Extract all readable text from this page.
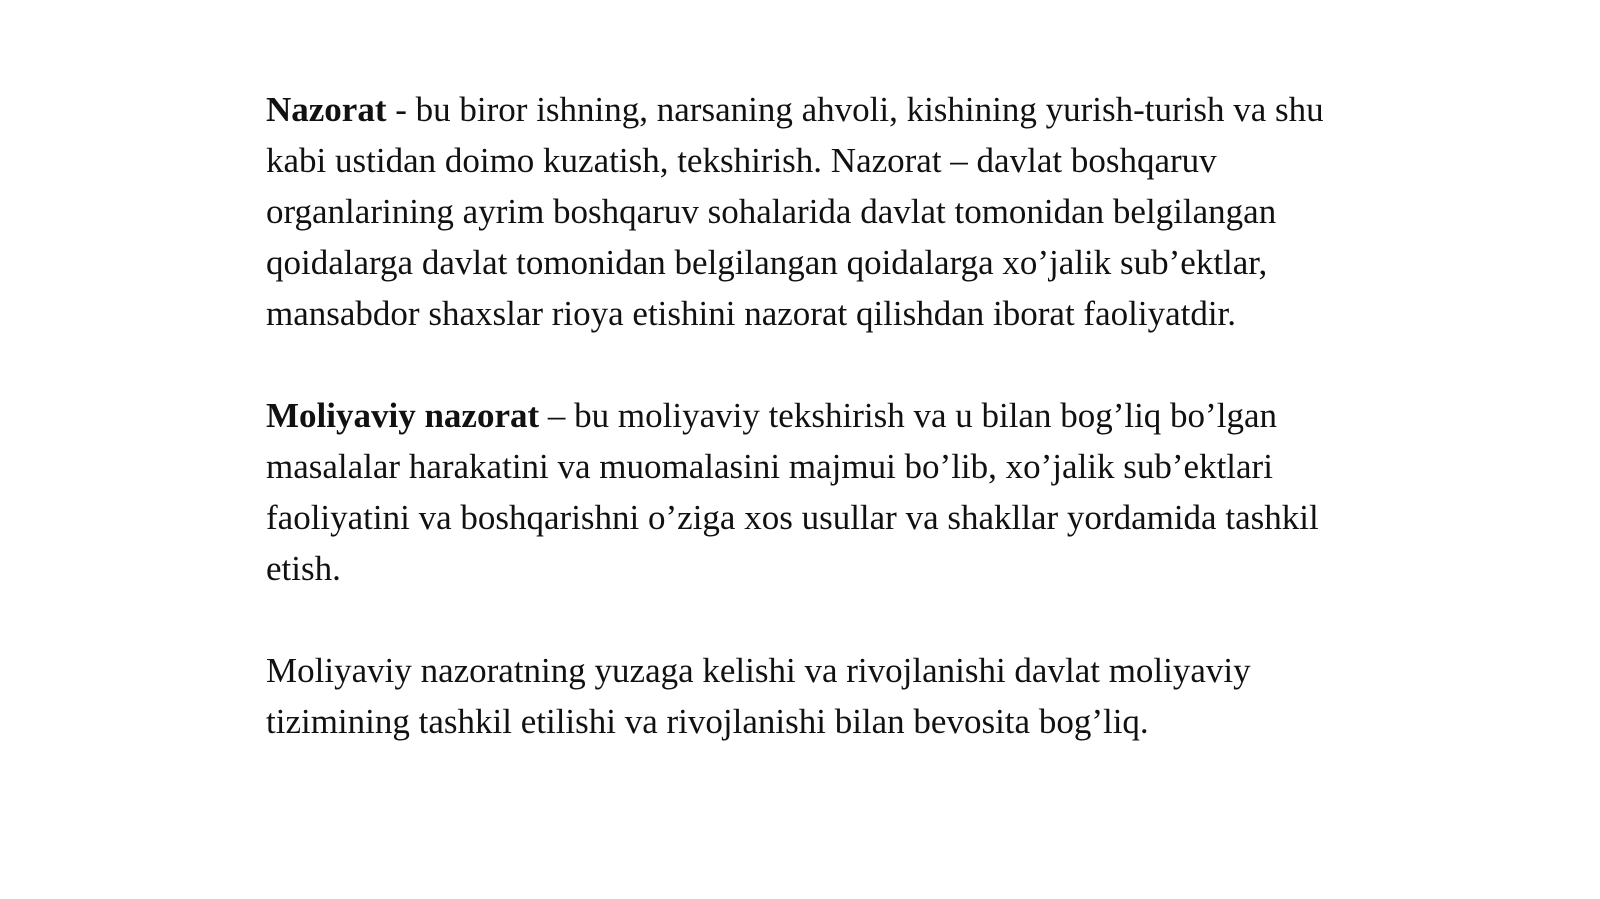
Nazorat - bu biror ishning, narsaning ahvoli, kishining yurish-turish va shu kabi ustidan doimo kuzatish, tekshirish. Nazorat – davlat boshqaruv organlarining ayrim boshqaruv sohalarida davlat tomonidan belgilangan qoidalarga davlat tomonidan belgilangan qoidalarga xo’jalik sub’ektlar, mansabdor shaxslar rioya etishini nazorat qilishdan iborat faoliyatdir.

Moliyaviy nazorat – bu moliyaviy tekshirish va u bilan bog’liq bo’lgan masalalar harakatini va muomalasini majmui bo’lib, xo’jalik sub’ektlari faoliyatini va boshqarishni o’ziga xos usullar va shakllar yordamida tashkil etish.

Moliyaviy nazoratning yuzaga kelishi va rivojlanishi davlat moliyaviy tizimining tashkil etilishi va rivojlanishi bilan bevosita bog’liq.
